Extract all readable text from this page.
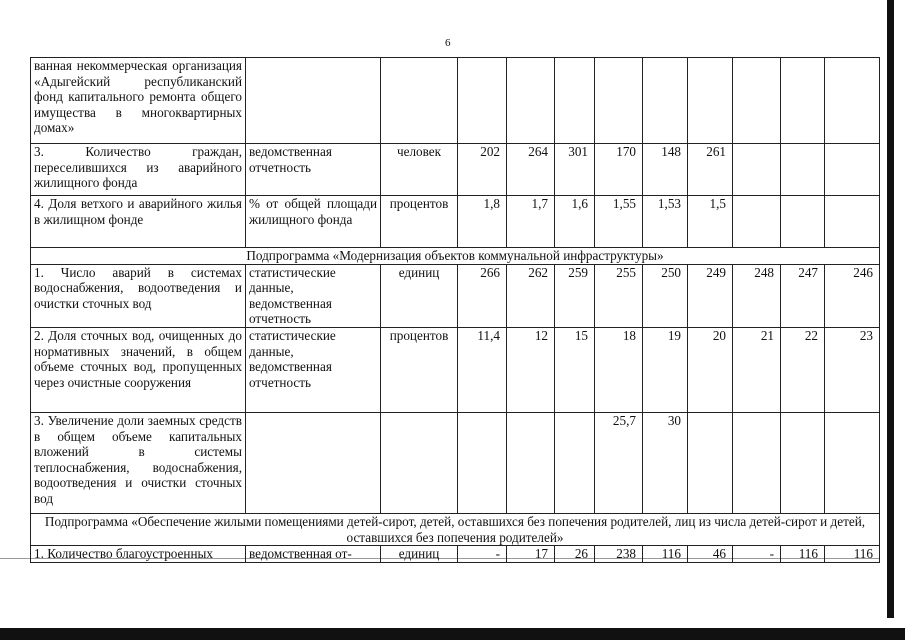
6
ванная некоммерческая организация «Адыгейский республиканский фонд капитального ремонта общего имущества в многоквартирных домах»											
3. Количество граждан, переселившихся из аварийного жилищного фонда	ведомственная отчетность	человек	202	264	301	170	148	261			
4. Доля ветхого и аварийного жилья в жилищном фонде	% от общей площади жилищного фонда	процентов	1,8	1,7	1,6	1,55	1,53	1,5			
Подпрограмма «Модернизация объектов коммунальной инфраструктуры»											
1. Число аварий в системах водоснабжения, водоотведения и очистки сточных вод	статистические данные, ведомственная отчетность	единиц	266	262	259	255	250	249	248	247	246
2. Доля сточных вод, очищенных до нормативных значений, в общем объеме сточных вод, пропущенных через очистные сооружения	статистические данные, ведомственная отчетность	процентов	11,4	12	15	18	19	20	21	22	23
3. Увеличение доли заемных средств в общем объеме капитальных вложений в системы теплоснабжения, водоснабжения, водоотведения и очистки сточных вод						25,7	30				
Подпрограмма «Обеспечение жилыми помещениями детей-сирот, детей, оставшихся без попечения родителей, лиц из числа детей-сирот и детей, оставшихся без попечения родителей»											
1. Количество благоустроенных	ведомственная от-	единиц	-	17	26	238	116	46	-	116	116
